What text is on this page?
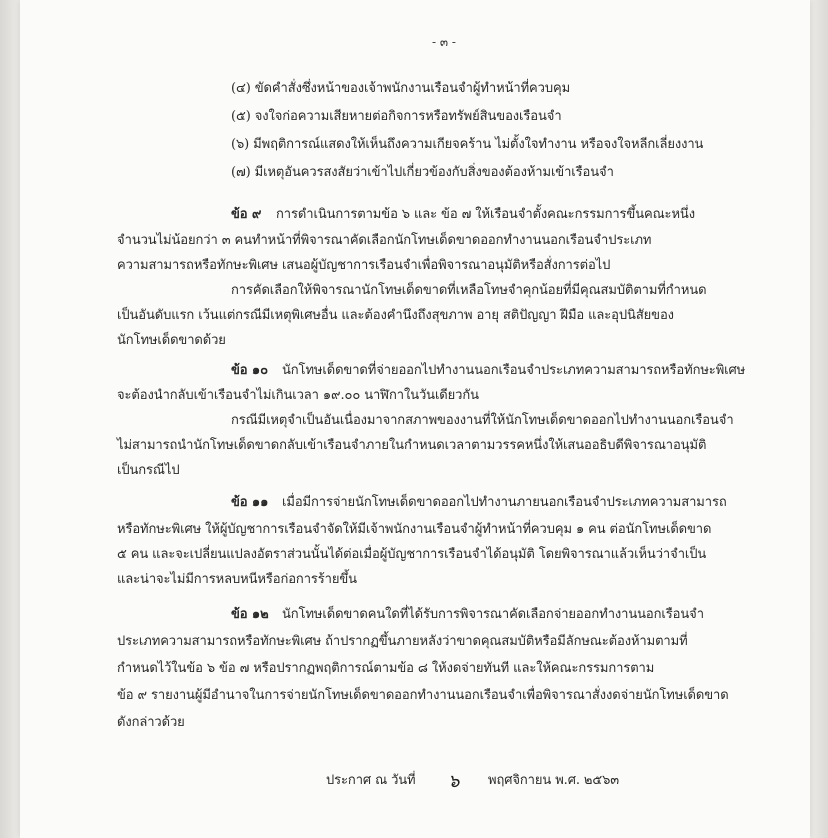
- ๓ -
(๔) ขัดคำสั่งซึ่งหน้าของเจ้าพนักงานเรือนจำผู้ทำหน้าที่ควบคุม
(๕) จงใจก่อความเสียหายต่อกิจการหรือทรัพย์สินของเรือนจำ
(๖) มีพฤติการณ์แสดงให้เห็นถึงความเกียจคร้าน ไม่ตั้งใจทำงาน หรือจงใจหลีกเลี่ยงงาน
(๗) มีเหตุอันควรสงสัยว่าเข้าไปเกี่ยวข้องกับสิ่งของต้องห้ามเข้าเรือนจำ
ข้อ ๙ การดำเนินการตามข้อ ๖ และ ข้อ ๗ ให้เรือนจำตั้งคณะกรรมการขึ้นคณะหนึ่ง
จำนวนไม่น้อยกว่า ๓ คนทำหน้าที่พิจารณาคัดเลือกนักโทษเด็ดขาดออกทำงานนอกเรือนจำประเภท
ความสามารถหรือทักษะพิเศษ เสนอผู้บัญชาการเรือนจำเพื่อพิจารณาอนุมัติหรือสั่งการต่อไป
การคัดเลือกให้พิจารณานักโทษเด็ดขาดที่เหลือโทษจำคุกน้อยที่มีคุณสมบัติตามที่กำหนด
เป็นอันดับแรก เว้นแต่กรณีมีเหตุพิเศษอื่น และต้องคำนึงถึงสุขภาพ อายุ สติปัญญา ฝีมือ และอุปนิสัยของ
นักโทษเด็ดขาดด้วย
ข้อ ๑๐ นักโทษเด็ดขาดที่จ่ายออกไปทำงานนอกเรือนจำประเภทความสามารถหรือทักษะพิเศษ
จะต้องนำกลับเข้าเรือนจำไม่เกินเวลา ๑๙.๐๐ นาฬิกาในวันเดียวกัน
กรณีมีเหตุจำเป็นอันเนื่องมาจากสภาพของงานที่ให้นักโทษเด็ดขาดออกไปทำงานนอกเรือนจำ
ไม่สามารถนำนักโทษเด็ดขาดกลับเข้าเรือนจำภายในกำหนดเวลาตามวรรคหนึ่งให้เสนออธิบดีพิจารณาอนุมัติ
เป็นกรณีไป
ข้อ ๑๑ เมื่อมีการจ่ายนักโทษเด็ดขาดออกไปทำงานภายนอกเรือนจำประเภทความสามารถ
หรือทักษะพิเศษ ให้ผู้บัญชาการเรือนจำจัดให้มีเจ้าพนักงานเรือนจำผู้ทำหน้าที่ควบคุม ๑ คน ต่อนักโทษเด็ดขาด
๕ คน และจะเปลี่ยนแปลงอัตราส่วนนั้นได้ต่อเมื่อผู้บัญชาการเรือนจำได้อนุมัติ โดยพิจารณาแล้วเห็นว่าจำเป็น
และน่าจะไม่มีการหลบหนีหรือก่อการร้ายขึ้น
ข้อ ๑๒ นักโทษเด็ดขาดคนใดที่ได้รับการพิจารณาคัดเลือกจ่ายออกทำงานนอกเรือนจำ
ประเภทความสามารถหรือทักษะพิเศษ ถ้าปรากฏขึ้นภายหลังว่าขาดคุณสมบัติหรือมีลักษณะต้องห้ามตามที่
กำหนดไว้ในข้อ ๖ ข้อ ๗ หรือปรากฏพฤติการณ์ตามข้อ ๘ ให้งดจ่ายทันที และให้คณะกรรมการตาม
ข้อ ๙ รายงานผู้มีอำนาจในการจ่ายนักโทษเด็ดขาดออกทำงานนอกเรือนจำเพื่อพิจารณาสั่งงดจ่ายนักโทษเด็ดขาด
ดังกล่าวด้วย
ประกาศ ณ วันที่ ๖ พฤศจิกายน พ.ศ. ๒๕๖๓
